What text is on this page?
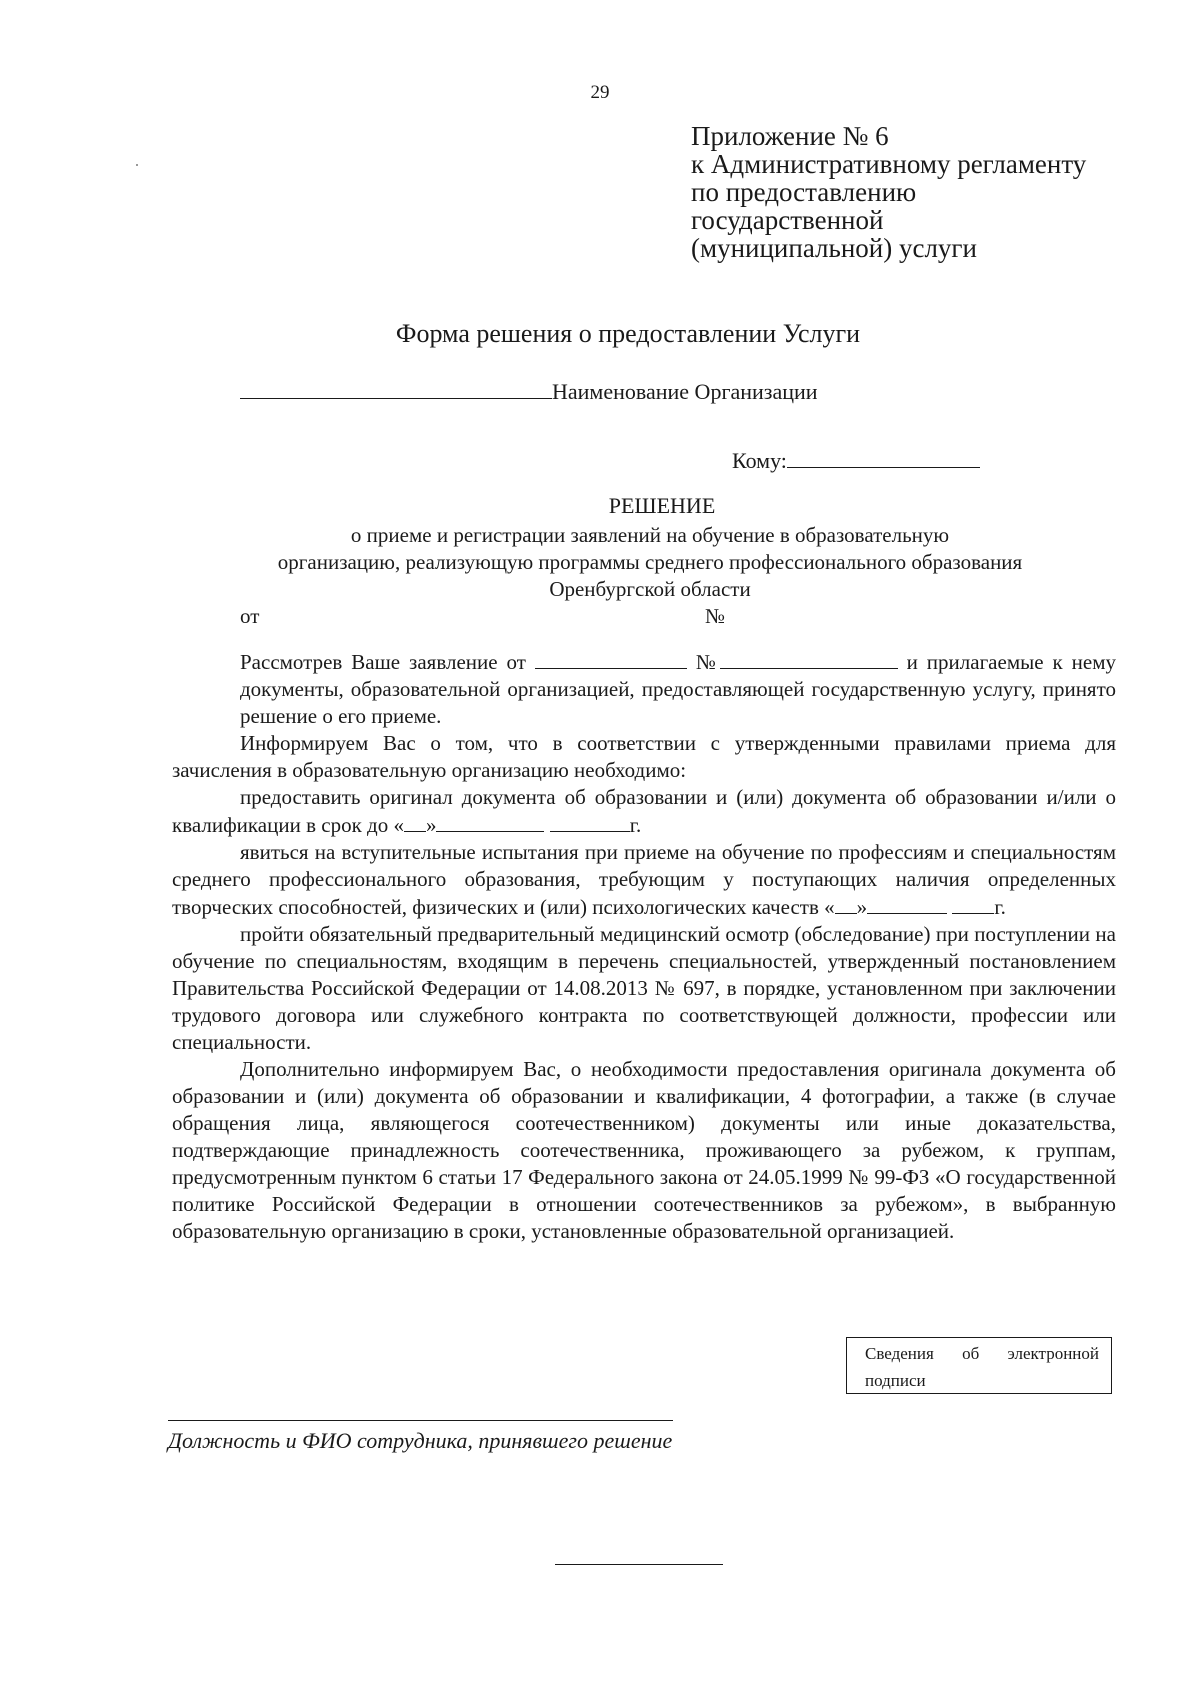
29
Приложение № 6
к Административному регламенту
по предоставлению
государственной
(муниципальной) услуги
Форма решения о предоставлении Услуги
Наименование Организации
Кому:
РЕШЕНИЕ
о приеме и регистрации заявлений на обучение в образовательную
организацию, реализующую программы среднего профессионального образования
Оренбургской области
от	№

Рассмотрев Ваше заявление от	№	и прилагаемые к нему документы, образовательной организацией, предоставляющей государственную услугу, принято решение о его приеме.

Информируем Вас о том, что в соответствии с утвержденными правилами приема для зачисления в образовательную организацию необходимо:

предоставить оригинал документа об образовании и (или) документа об образовании и/или о квалификации в срок до « »	г.

явиться на вступительные испытания при приеме на обучение по профессиям и специальностям среднего профессионального образования, требующим у поступающих наличия определенных творческих способностей, физических и (или) психологических качеств « »	г.

пройти обязательный предварительный медицинский осмотр (обследование) при поступлении на обучение по специальностям, входящим в перечень специальностей, утвержденный постановлением Правительства Российской Федерации от 14.08.2013 № 697, в порядке, установленном при заключении трудового договора или служебного контракта по соответствующей должности, профессии или специальности.

Дополнительно информируем Вас, о необходимости предоставления оригинала документа об образовании и (или) документа об образовании и квалификации, 4 фотографии, а также (в случае обращения лица, являющегося соотечественником) документы или иные доказательства, подтверждающие принадлежность соотечественника, проживающего за рубежом, к группам, предусмотренным пунктом 6 статьи 17 Федерального закона от 24.05.1999 № 99-ФЗ «О государственной политике Российской Федерации в отношении соотечественников за рубежом», в выбранную образовательную организацию в сроки, установленные образовательной организацией.

Сведения об электронной подписи
Должность и ФИО сотрудника, принявшего решение
